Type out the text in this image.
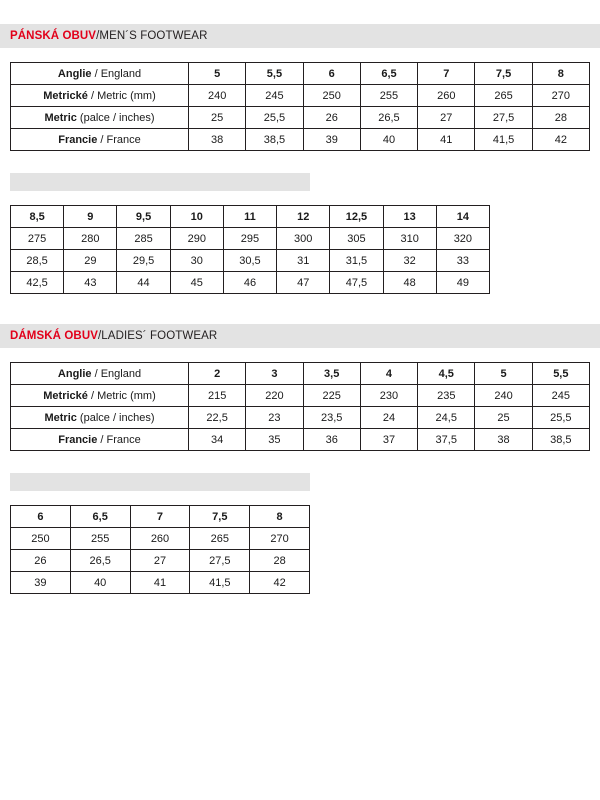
PÁNSKÁ OBUV / MEN´S FOOTWEAR
Anglie / England	5	5,5	6	6,5	7	7,5	8
Metrické / Metric (mm)	240	245	250	255	260	265	270
Metric (palce / inches)	25	25,5	26	26,5	27	27,5	28
Francie / France	38	38,5	39	40	41	41,5	42
8,5	9	9,5	10	11	12	12,5	13	14
275	280	285	290	295	300	305	310	320
28,5	29	29,5	30	30,5	31	31,5	32	33
42,5	43	44	45	46	47	47,5	48	49
DÁMSKÁ OBUV / LADIES´ FOOTWEAR
Anglie / England	2	3	3,5	4	4,5	5	5,5
Metrické / Metric (mm)	215	220	225	230	235	240	245
Metric (palce / inches)	22,5	23	23,5	24	24,5	25	25,5
Francie / France	34	35	36	37	37,5	38	38,5
6	6,5	7	7,5	8
250	255	260	265	270
26	26,5	27	27,5	28
39	40	41	41,5	42
